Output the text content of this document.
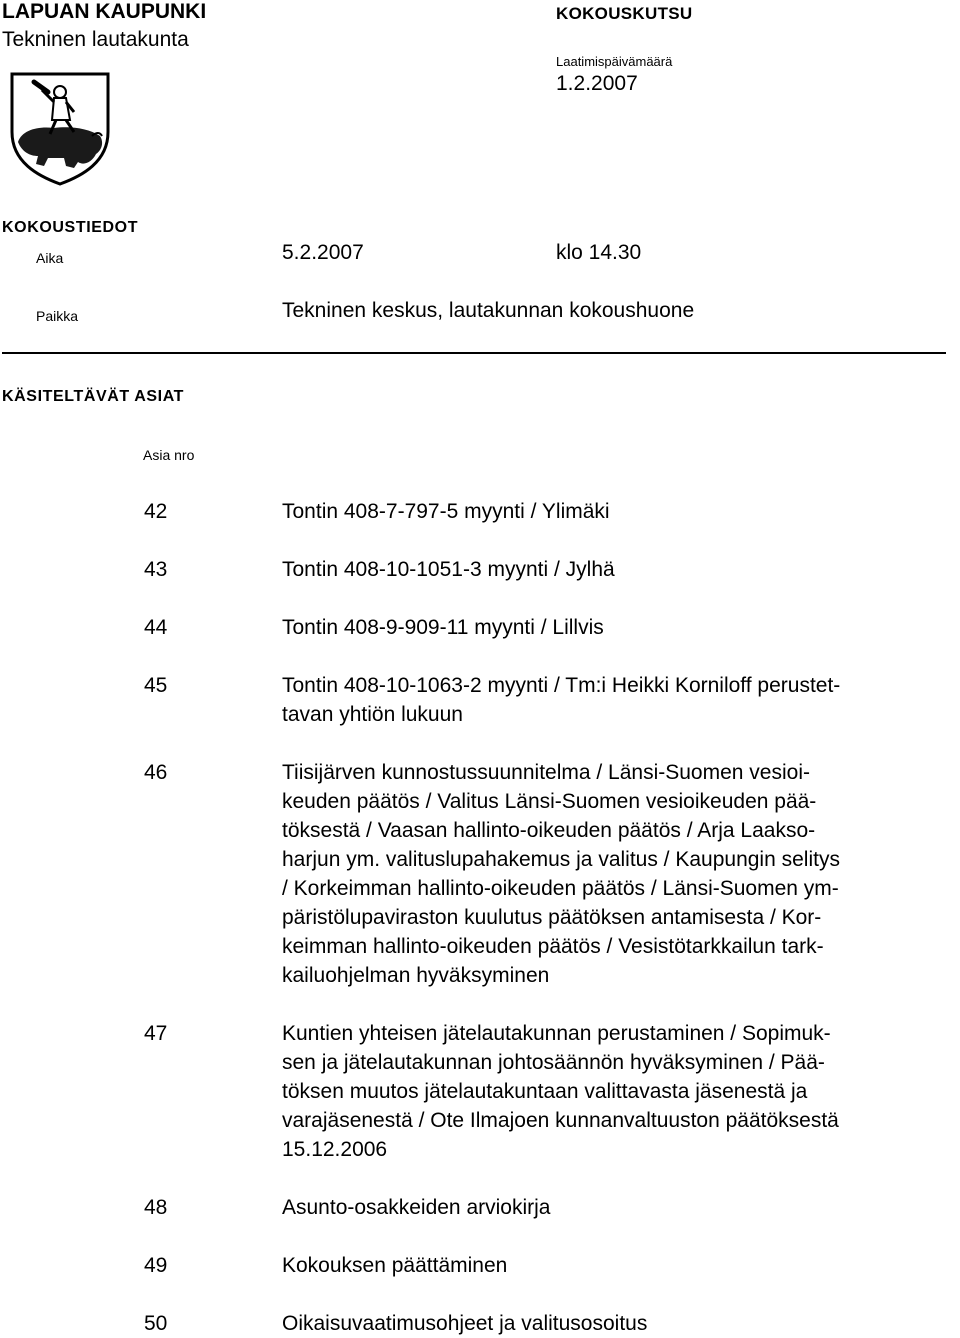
LAPUAN KAUPUNKI
Tekninen lautakunta
KOKOUSKUTSU
Laatimispäivämäärä
1.2.2007
KOKOUSTIEDOT
Aika	5.2.2007	klo 14.30
Paikka	Tekninen keskus, lautakunnan kokoushuone
KÄSITELTÄVÄT ASIAT
Asia nro
42	Tontin 408-7-797-5 myynti / Ylimäki
43	Tontin 408-10-1051-3 myynti / Jylhä
44	Tontin 408-9-909-11 myynti / Lillvis
45	Tontin 408-10-1063-2 myynti / Tm:i Heikki Korniloff perustet-
tavan yhtiön lukuun
46	Tiisijärven kunnostussuunnitelma / Länsi-Suomen vesioi-
keuden päätös / Valitus Länsi-Suomen vesioikeuden pää-
töksestä / Vaasan hallinto-oikeuden päätös / Arja Laakso-
harjun ym. valituslupahakemus ja valitus / Kaupungin selitys
/ Korkeimman hallinto-oikeuden päätös / Länsi-Suomen ym-
päristölupaviraston kuulutus päätöksen antamisesta / Kor-
keimman hallinto-oikeuden päätös / Vesistötarkkailun tark-
kailuohjelman hyväksyminen
47	Kuntien yhteisen jätelautakunnan perustaminen / Sopimuk-
sen ja jätelautakunnan johtosäännön hyväksyminen / Pää-
töksen muutos jätelautakuntaan valittavasta jäsenestä ja
varajäsenestä / Ote Ilmajoen kunnanvaltuuston päätöksestä
15.12.2006
48	Asunto-osakkeiden arviokirja
49	Kokouksen päättäminen
50	Oikaisuvaatimusohjeet ja valitusosoitus
